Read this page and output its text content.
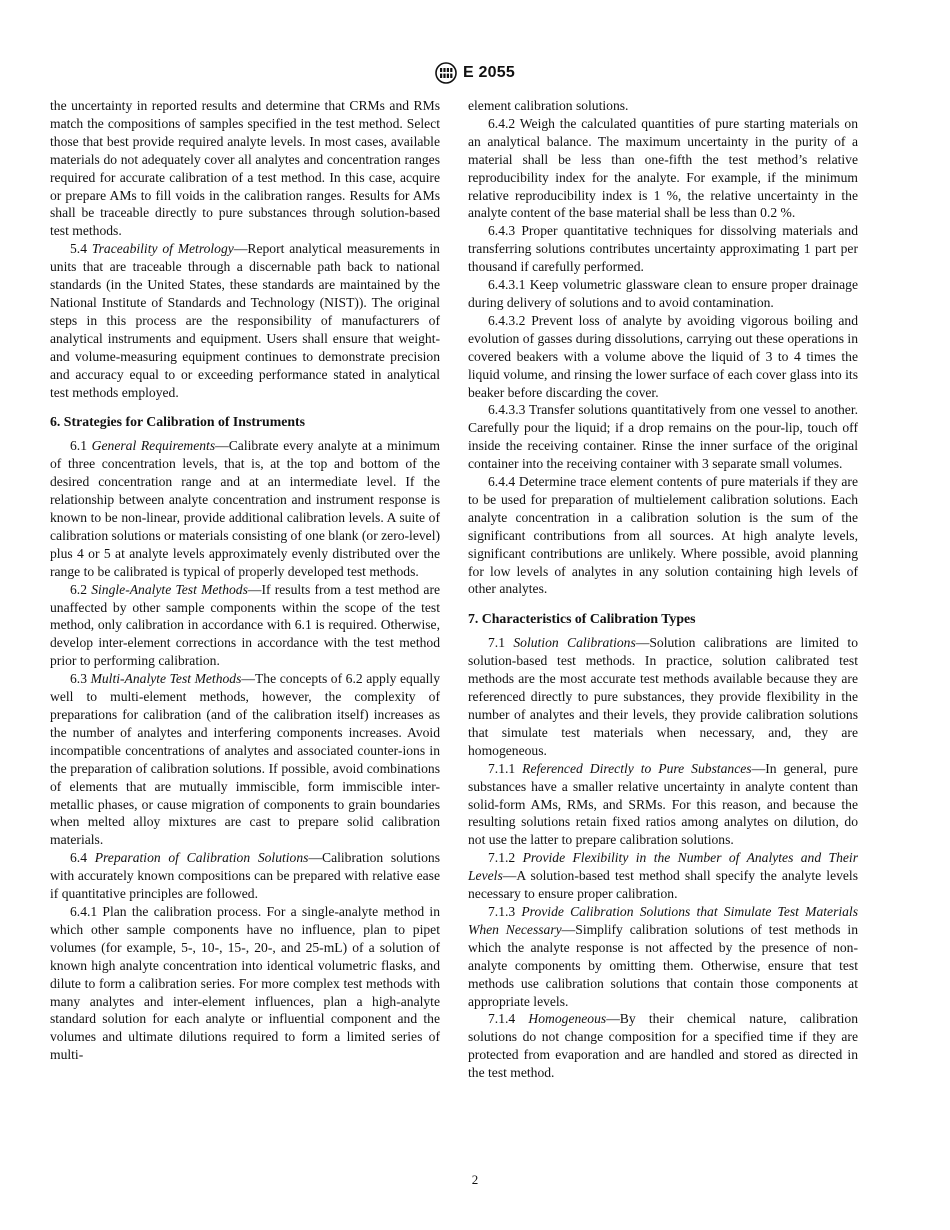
E 2055

the uncertainty in reported results and determine that CRMs and RMs match the compositions of samples specified in the test method. Select those that best provide required analyte levels. In most cases, available materials do not adequately cover all analytes and concentration ranges required for accurate calibration of a test method. In this case, acquire or prepare AMs to fill voids in the calibration ranges. Results for AMs shall be traceable directly to pure substances through solution-based test methods.

5.4 Traceability of Metrology—Report analytical measurements in units that are traceable through a discernable path back to national standards (in the United States, these standards are maintained by the National Institute of Standards and Technology (NIST)). The original steps in this process are the responsibility of manufacturers of analytical instruments and equipment. Users shall ensure that weight- and volume-measuring equipment continues to demonstrate precision and accuracy equal to or exceeding performance stated in analytical test methods employed.

6. Strategies for Calibration of Instruments

6.1 General Requirements—Calibrate every analyte at a minimum of three concentration levels, that is, at the top and bottom of the desired concentration range and at an intermediate level. If the relationship between analyte concentration and instrument response is known to be non-linear, provide additional calibration levels. A suite of calibration solutions or materials consisting of one blank (or zero-level) plus 4 or 5 at analyte levels approximately evenly distributed over the range to be calibrated is typical of properly developed test methods.

6.2 Single-Analyte Test Methods—If results from a test method are unaffected by other sample components within the scope of the test method, only calibration in accordance with 6.1 is required. Otherwise, develop inter-element corrections in accordance with the test method prior to performing calibration.

6.3 Multi-Analyte Test Methods—The concepts of 6.2 apply equally well to multi-element methods, however, the complexity of preparations for calibration (and of the calibration itself) increases as the number of analytes and interfering components increases. Avoid incompatible concentrations of analytes and associated counter-ions in the preparation of calibration solutions. If possible, avoid combinations of elements that are mutually immiscible, form immiscible inter-metallic phases, or cause migration of components to grain boundaries when melted alloy mixtures are cast to prepare solid calibration materials.

6.4 Preparation of Calibration Solutions—Calibration solutions with accurately known compositions can be prepared with relative ease if quantitative principles are followed.

6.4.1 Plan the calibration process. For a single-analyte method in which other sample components have no influence, plan to pipet volumes (for example, 5-, 10-, 15-, 20-, and 25-mL) of a solution of known high analyte concentration into identical volumetric flasks, and dilute to form a calibration series. For more complex test methods with many analytes and inter-element influences, plan a high-analyte standard solution for each analyte or influential component and the volumes and ultimate dilutions required to form a limited series of multi-

element calibration solutions.

6.4.2 Weigh the calculated quantities of pure starting materials on an analytical balance. The maximum uncertainty in the purity of a material shall be less than one-fifth the test method’s relative reproducibility index for the analyte. For example, if the minimum relative reproducibility index is 1 %, the relative uncertainty in the analyte content of the base material shall be less than 0.2 %.

6.4.3 Proper quantitative techniques for dissolving materials and transferring solutions contributes uncertainty approximating 1 part per thousand if carefully performed.

6.4.3.1 Keep volumetric glassware clean to ensure proper drainage during delivery of solutions and to avoid contamination.

6.4.3.2 Prevent loss of analyte by avoiding vigorous boiling and evolution of gasses during dissolutions, carrying out these operations in covered beakers with a volume above the liquid of 3 to 4 times the liquid volume, and rinsing the lower surface of each cover glass into its beaker before discarding the cover.

6.4.3.3 Transfer solutions quantitatively from one vessel to another. Carefully pour the liquid; if a drop remains on the pour-lip, touch off inside the receiving container. Rinse the inner surface of the original container into the receiving container with 3 separate small volumes.

6.4.4 Determine trace element contents of pure materials if they are to be used for preparation of multielement calibration solutions. Each analyte concentration in a calibration solution is the sum of the significant contributions from all sources. At high analyte levels, significant contributions are unlikely. Where possible, avoid planning for low levels of analytes in any solution containing high levels of other analytes.

7. Characteristics of Calibration Types

7.1 Solution Calibrations—Solution calibrations are limited to solution-based test methods. In practice, solution calibrated test methods are the most accurate test methods available because they are referenced directly to pure substances, they provide flexibility in the number of analytes and their levels, they provide calibration solutions that simulate test materials when necessary, and, they are homogeneous.

7.1.1 Referenced Directly to Pure Substances—In general, pure substances have a smaller relative uncertainty in analyte content than solid-form AMs, RMs, and SRMs. For this reason, and because the resulting solutions retain fixed ratios among analytes on dilution, do not use the latter to prepare calibration solutions.

7.1.2 Provide Flexibility in the Number of Analytes and Their Levels—A solution-based test method shall specify the analyte levels necessary to ensure proper calibration.

7.1.3 Provide Calibration Solutions that Simulate Test Materials When Necessary—Simplify calibration solutions of test methods in which the analyte response is not affected by the presence of non-analyte components by omitting them. Otherwise, ensure that test methods use calibration solutions that contain those components at appropriate levels.

7.1.4 Homogeneous—By their chemical nature, calibration solutions do not change composition for a specified time if they are protected from evaporation and are handled and stored as directed in the test method.

2
